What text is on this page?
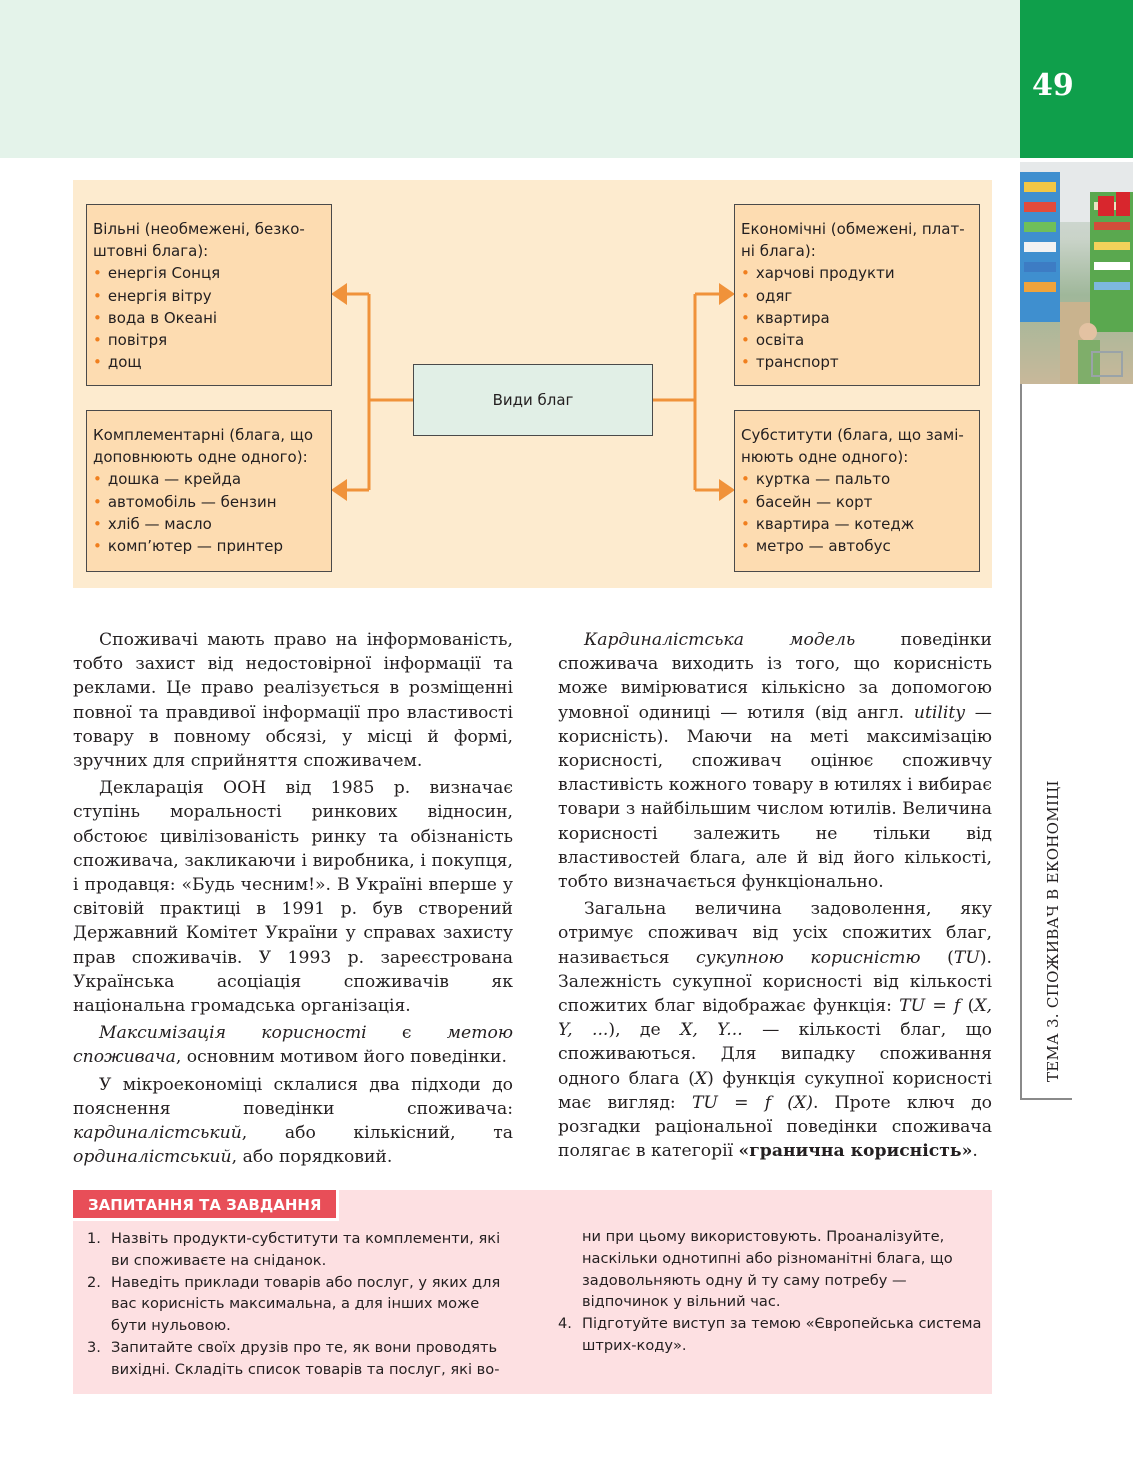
49
ТЕМА 3. СПОЖИВАЧ В ЕКОНОМІЦІ
Вільні (необмежені, безко-
штовні блага):
• енергія Сонця
• енергія вітру
• вода в Океані
• повітря
• дощ
Комплементарні (блага, що
доповнюють одне одного):
• дошка — крейда
• автомобіль — бензин
• хліб — масло
• комп’ютер — принтер
Види благ
Економічні (обмежені, плат-
ні блага):
• харчові продукти
• одяг
• квартира
• освіта
• транспорт
Субститути (блага, що замі-
нюють одне одного):
• куртка — пальто
• басейн — корт
• квартира — котедж
• метро — автобус

Споживачі мають право на інформованість, тобто захист від недостовірної інформації та реклами. Це право реалізується в розміщенні повної та правдивої інформації про властивості товару в повному обсязі, у місці й формі, зручних для сприйняття споживачем.

Декларація ООН від 1985 р. визначає ступінь моральності ринкових відносин, обстоює цивілізованість ринку та обізнаність споживача, закликаючи і виробника, і покупця, і продавця: «Будь чесним!». В Україні вперше у світовій практиці в 1991 р. був створений Державний Комітет України у справах захисту прав споживачів. У 1993 р. зареєстрована Українська асоціація споживачів як національна громадська організація.

Максимізація корисності є метою споживача, основним мотивом його поведінки.

У мікроекономіці склалися два підходи до пояснення поведінки споживача: кардиналістський, або кількісний, та ординалістський, або порядковий.

Кардиналістська модель поведінки споживача виходить із того, що корисність може вимірюватися кількісно за допомогою умовної одиниці — ютиля (від англ. utility — корисність). Маючи на меті максимізацію корисності, споживач оцінює споживчу властивість кожного товару в ютилях і вибирає товари з найбільшим числом ютилів. Величина корисності залежить не тільки від властивостей блага, але й від його кількості, тобто визначається функціонально.

Загальна величина задоволення, яку отримує споживач від усіх спожитих благ, називається сукупною корисністю (TU). Залежність сукупної корисності від кількості спожитих благ відображає функція: TU = f (X, Y, ...), де X, Y... — кількості благ, що споживаються. Для випадку споживання одного блага (X) функція сукупної корисності має вигляд: TU = f (X). Проте ключ до розгадки раціональної поведінки споживача полягає в категорії «гранична корисність».

ЗАПИТАННЯ ТА ЗАВДАННЯ
1. Назвіть продукти-субститути та комплементи, які ви споживаєте на сніданок.
2. Наведіть приклади товарів або послуг, у яких для вас корисність максимальна, а для інших може бути нульовою.
3. Запитайте своїх друзів про те, як вони проводять вихідні. Складіть список товарів та послуг, які во-
ни при цьому використовують. Проаналізуйте, наскільки однотипні або різноманітні блага, що задовольняють одну й ту саму потребу — відпочинок у вільний час.
4. Підготуйте виступ за темою «Європейська система штрих-коду».
